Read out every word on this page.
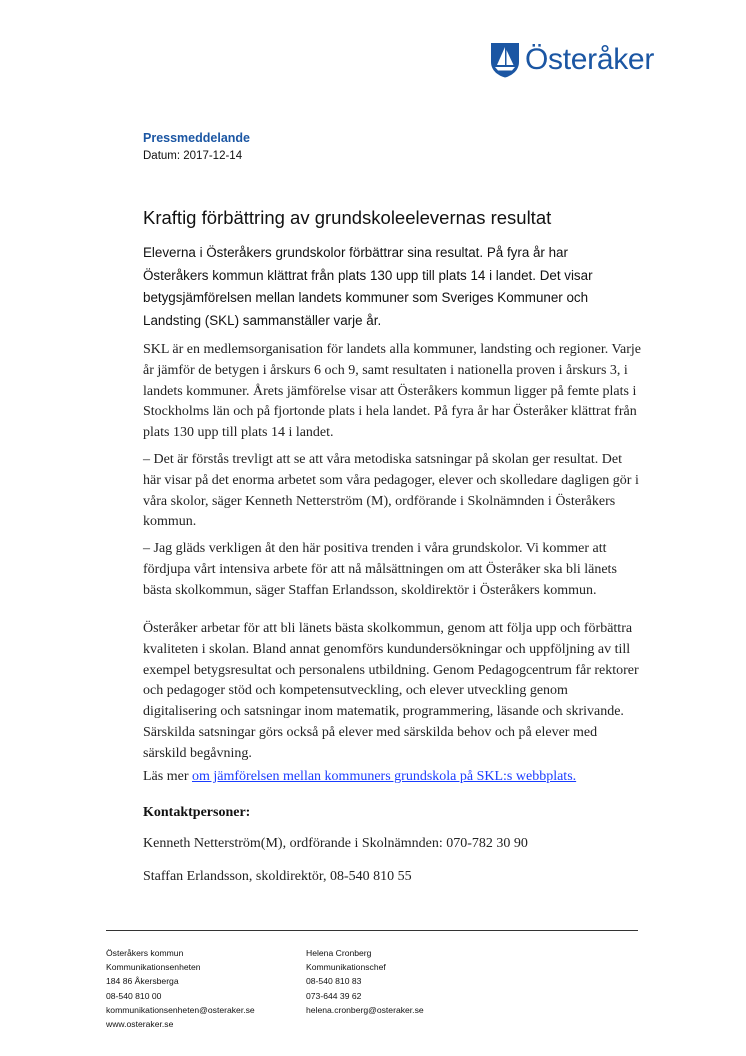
Österåker
Pressmeddelande
Datum: 2017-12-14
Kraftig förbättring av grundskoleelevernas resultat

Eleverna i Österåkers grundskolor förbättrar sina resultat. På fyra år har Österåkers kommun klättrat från plats 130 upp till plats 14 i landet. Det visar betygsjämförelsen mellan landets kommuner som Sveriges Kommuner och Landsting (SKL) sammanställer varje år.

SKL är en medlemsorganisation för landets alla kommuner, landsting och regioner. Varje år jämför de betygen i årskurs 6 och 9, samt resultaten i nationella proven i årskurs 3, i landets kommuner. Årets jämförelse visar att Österåkers kommun ligger på femte plats i Stockholms län och på fjortonde plats i hela landet. På fyra år har Österåker klättrat från plats 130 upp till plats 14 i landet.

– Det är förstås trevligt att se att våra metodiska satsningar på skolan ger resultat. Det här visar på det enorma arbetet som våra pedagoger, elever och skolledare dagligen gör i våra skolor, säger Kenneth Netterström (M), ordförande i Skolnämnden i Österåkers kommun.

– Jag gläds verkligen åt den här positiva trenden i våra grundskolor. Vi kommer att fördjupa vårt intensiva arbete för att nå målsättningen om att Österåker ska bli länets bästa skolkommun, säger Staffan Erlandsson, skoldirektör i Österåkers kommun.

Österåker arbetar för att bli länets bästa skolkommun, genom att följa upp och förbättra kvaliteten i skolan. Bland annat genomförs kundundersökningar och uppföljning av till exempel betygsresultat och personalens utbildning. Genom Pedagogcentrum får rektorer och pedagoger stöd och kompetensutveckling, och elever utveckling genom digitalisering och satsningar inom matematik, programmering, läsande och skrivande. Särskilda satsningar görs också på elever med särskilda behov och på elever med särskild begåvning.

Läs mer om jämförelsen mellan kommuners grundskola på SKL:s webbplats.
Kontaktpersoner:
Kenneth Netterström(M), ordförande i Skolnämnden: 070-782 30 90
Staffan Erlandsson, skoldirektör, 08-540 810 55
Österåkers kommun
Kommunikationsenheten
184 86 Åkersberga
08-540 810 00
kommunikationsenheten@osteraker.se
www.osteraker.se
Helena Cronberg
Kommunikationschef
08-540 810 83
073-644 39 62
helena.cronberg@osteraker.se
